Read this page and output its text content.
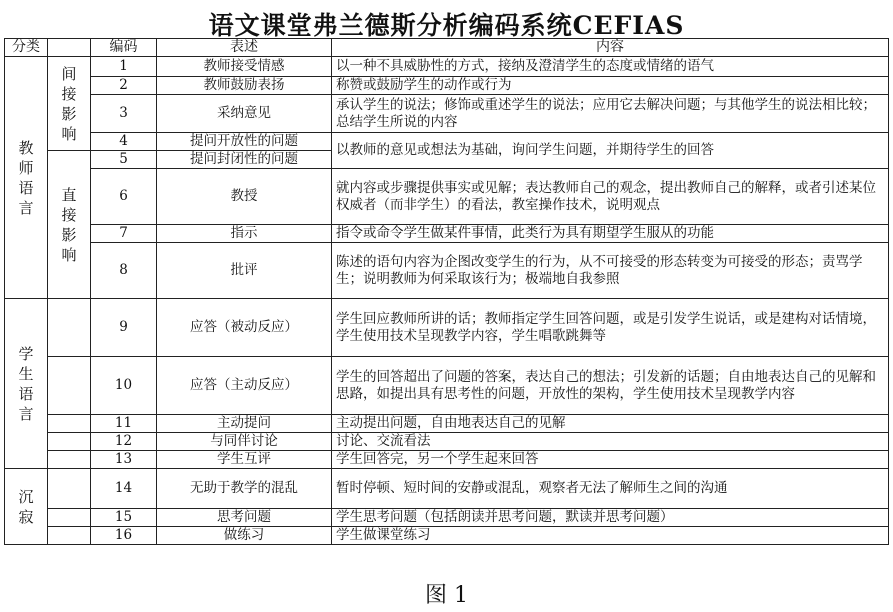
语文课堂弗兰德斯分析编码系统CEFIAS
分类		编码	表述	内容
教师语言	间接影响	1	教师接受情感	以一种不具威胁性的方式，接纳及澄清学生的态度或情绪的语气
		2	教师鼓励表扬	称赞或鼓励学生的动作或行为
		3	采纳意见	承认学生的说法；修饰或重述学生的说法；应用它去解决问题；与其他学生的说法相比较；总结学生所说的内容
		4	提问开放性的问题	以教师的意见或想法为基础，询问学生问题，并期待学生的回答
	直接影响	5	提问封闭性的问题	
		6	教授	就内容或步骤提供事实或见解；表达教师自己的观念，提出教师自己的解释，或者引述某位权威者（而非学生）的看法，教室操作技术，说明观点
		7	指示	指令或命令学生做某件事情，此类行为具有期望学生服从的功能
		8	批评	陈述的语句内容为企图改变学生的行为，从不可接受的形态转变为可接受的形态；责骂学生；说明教师为何采取该行为；极端地自我参照
学生语言		9	应答（被动反应）	学生回应教师所讲的话；教师指定学生回答问题，或是引发学生说话，或是建构对话情境，学生使用技术呈现教学内容，学生唱歌跳舞等
		10	应答（主动反应）	学生的回答超出了问题的答案，表达自己的想法；引发新的话题；自由地表达自己的见解和思路，如提出具有思考性的问题，开放性的架构，学生使用技术呈现教学内容
		11	主动提问	主动提出问题，自由地表达自己的见解
		12	与同伴讨论	讨论、交流看法
		13	学生互评	学生回答完，另一个学生起来回答
沉寂		14	无助于教学的混乱	暂时停顿、短时间的安静或混乱，观察者无法了解师生之间的沟通
		15	思考问题	学生思考问题（包括朗读并思考问题，默读并思考问题）
		16	做练习	学生做课堂练习
图 1
